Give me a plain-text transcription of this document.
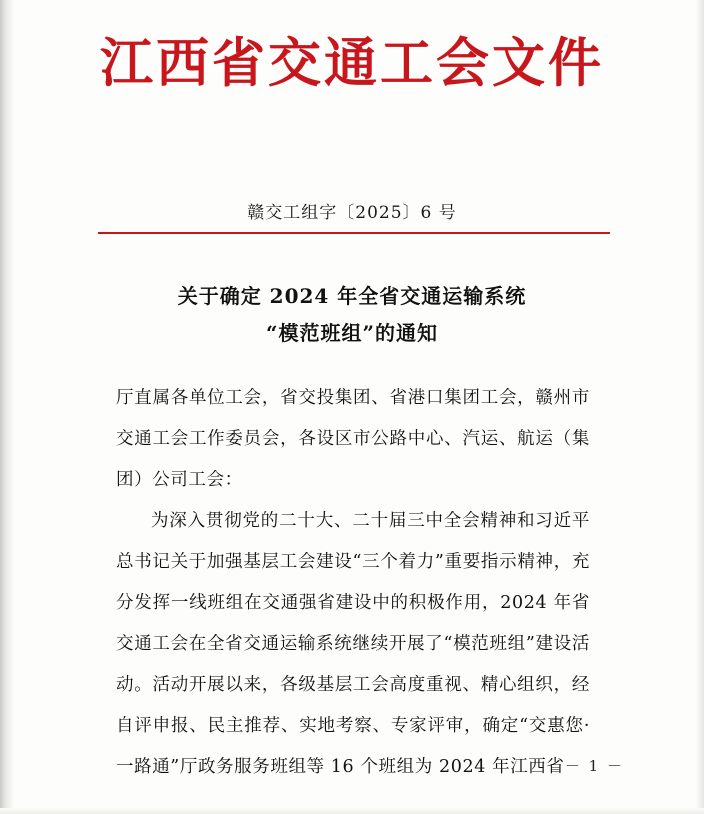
江西省交通工会文件
赣交工组字〔2025〕6 号
关于确定 2024 年全省交通运输系统
“模范班组”的通知

厅直属各单位工会，省交投集团、省港口集团工会，赣州市交通工会工作委员会，各设区市公路中心、汽运、航运（集团）公司工会：

为深入贯彻党的二十大、二十届三中全会精神和习近平总书记关于加强基层工会建设“三个着力”重要指示精神，充分发挥一线班组在交通强省建设中的积极作用，2024 年省交通工会在全省交通运输系统继续开展了“模范班组”建设活动。活动开展以来，各级基层工会高度重视、精心组织，经自评申报、民主推荐、实地考察、专家评审，确定“交惠您·一路通”厅政务服务班组等 16 个班组为 2024 年江西省 － 1 －
